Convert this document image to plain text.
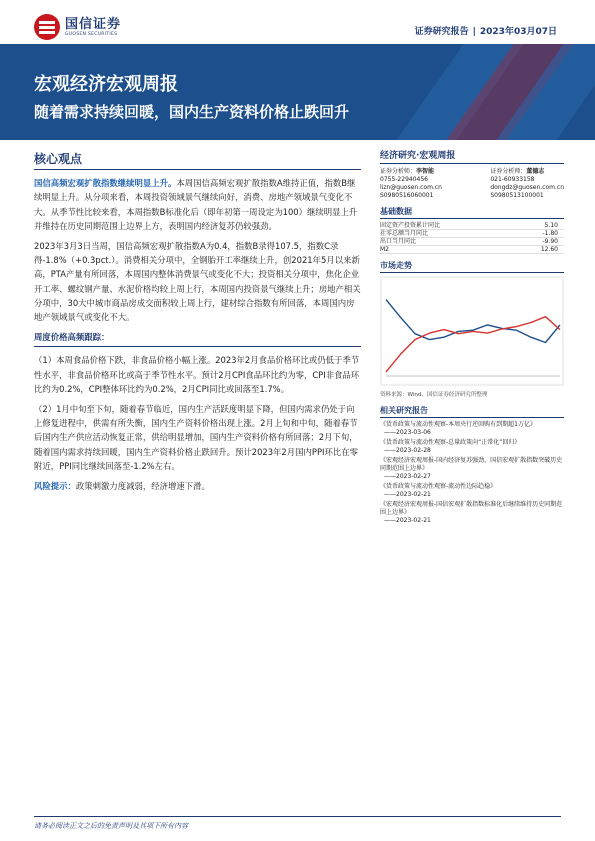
国信证券
GUOSEN SECURITIES	证券研究报告 | 2023年03月07日
宏观经济宏观周报
随着需求持续回暖，国内生产资料价格止跌回升
核心观点

国信高频宏观扩散指数继续明显上升。本周国信高频宏观扩散指数A维持正值，指数B继续明显上升。从分项来看，本周投资领域景气继续向好，消费、房地产领域景气变化不大。从季节性比较来看，本周指数B标准化后（即年初第一周设定为100）继续明显上升并维持在历史同期范围上边界上方，表明国内经济复苏仍较强劲。

2023年3月3日当周，国信高频宏观扩散指数A为0.4，指数B录得107.5，指数C录得-1.8%（+0.3pct.）。消费相关分项中，全钢胎开工率继续上升，创2021年5月以来新高，PTA产量有所回落，本周国内整体消费景气或变化不大；投资相关分项中，焦化企业开工率、螺纹钢产量、水泥价格均较上周上行，本周国内投资景气继续上升；房地产相关分项中，30大中城市商品房成交面积较上周上行，建材综合指数有所回落，本周国内房地产领域景气或变化不大。

周度价格高频跟踪：

（1）本周食品价格下跌，非食品价格小幅上涨。2023年2月食品价格环比或仍低于季节性水平，非食品价格环比或高于季节性水平。预计2月CPI食品环比约为零，CPI非食品环比约为0.2%，CPI整体环比约为0.2%，2月CPI同比或回落至1.7%。

（2）1月中旬至下旬，随着春节临近，国内生产活跃度明显下降，但国内需求仍处于向上修复进程中，供需有所失衡，国内生产资料价格出现上涨。2月上旬和中旬，随着春节后国内生产供应活动恢复正常，供给明显增加，国内生产资料价格有所回落；2月下旬，随着国内需求持续回暖，国内生产资料价格止跌回升。预计2023年2月国内PPI环比在零附近，PPI同比继续回落至-1.2%左右。

风险提示：政策刺激力度减弱，经济增速下滑。

经济研究·宏观周报
证券分析师：李智能
0755-22940456
lizn@guosen.com.cn
S0980516060001
证券分析师：董德志
021-60933158
dongdz@guosen.com.cn
S0980513100001
基础数据
固定资产投资累计同比	5.10
社零总额当月同比	-1.80
出口当月同比	-9.90
M2	12.60
市场走势
资料来源：Wind、国信证券经济研究所整理
相关研究报告
《货币政策与流动性观察-本周央行逆回购有到期超1万亿》
——2023-03-06
《货币政策与流动性观察-总量政策向“正常化”回归》
——2023-02-28
《宏观经济宏观周报-国内经济复苏强劲，国信宏观扩散指数突破历史同期范围上边界》
——2023-02-27
《货币政策与流动性观察-流动性边际趋稳》
——2023-02-21
《宏观经济宏观周报-国信宏观扩散指数标准化后继续维持历史同期范围上边界》
——2023-02-21
请务必阅读正文之后的免责声明及其项下所有内容
